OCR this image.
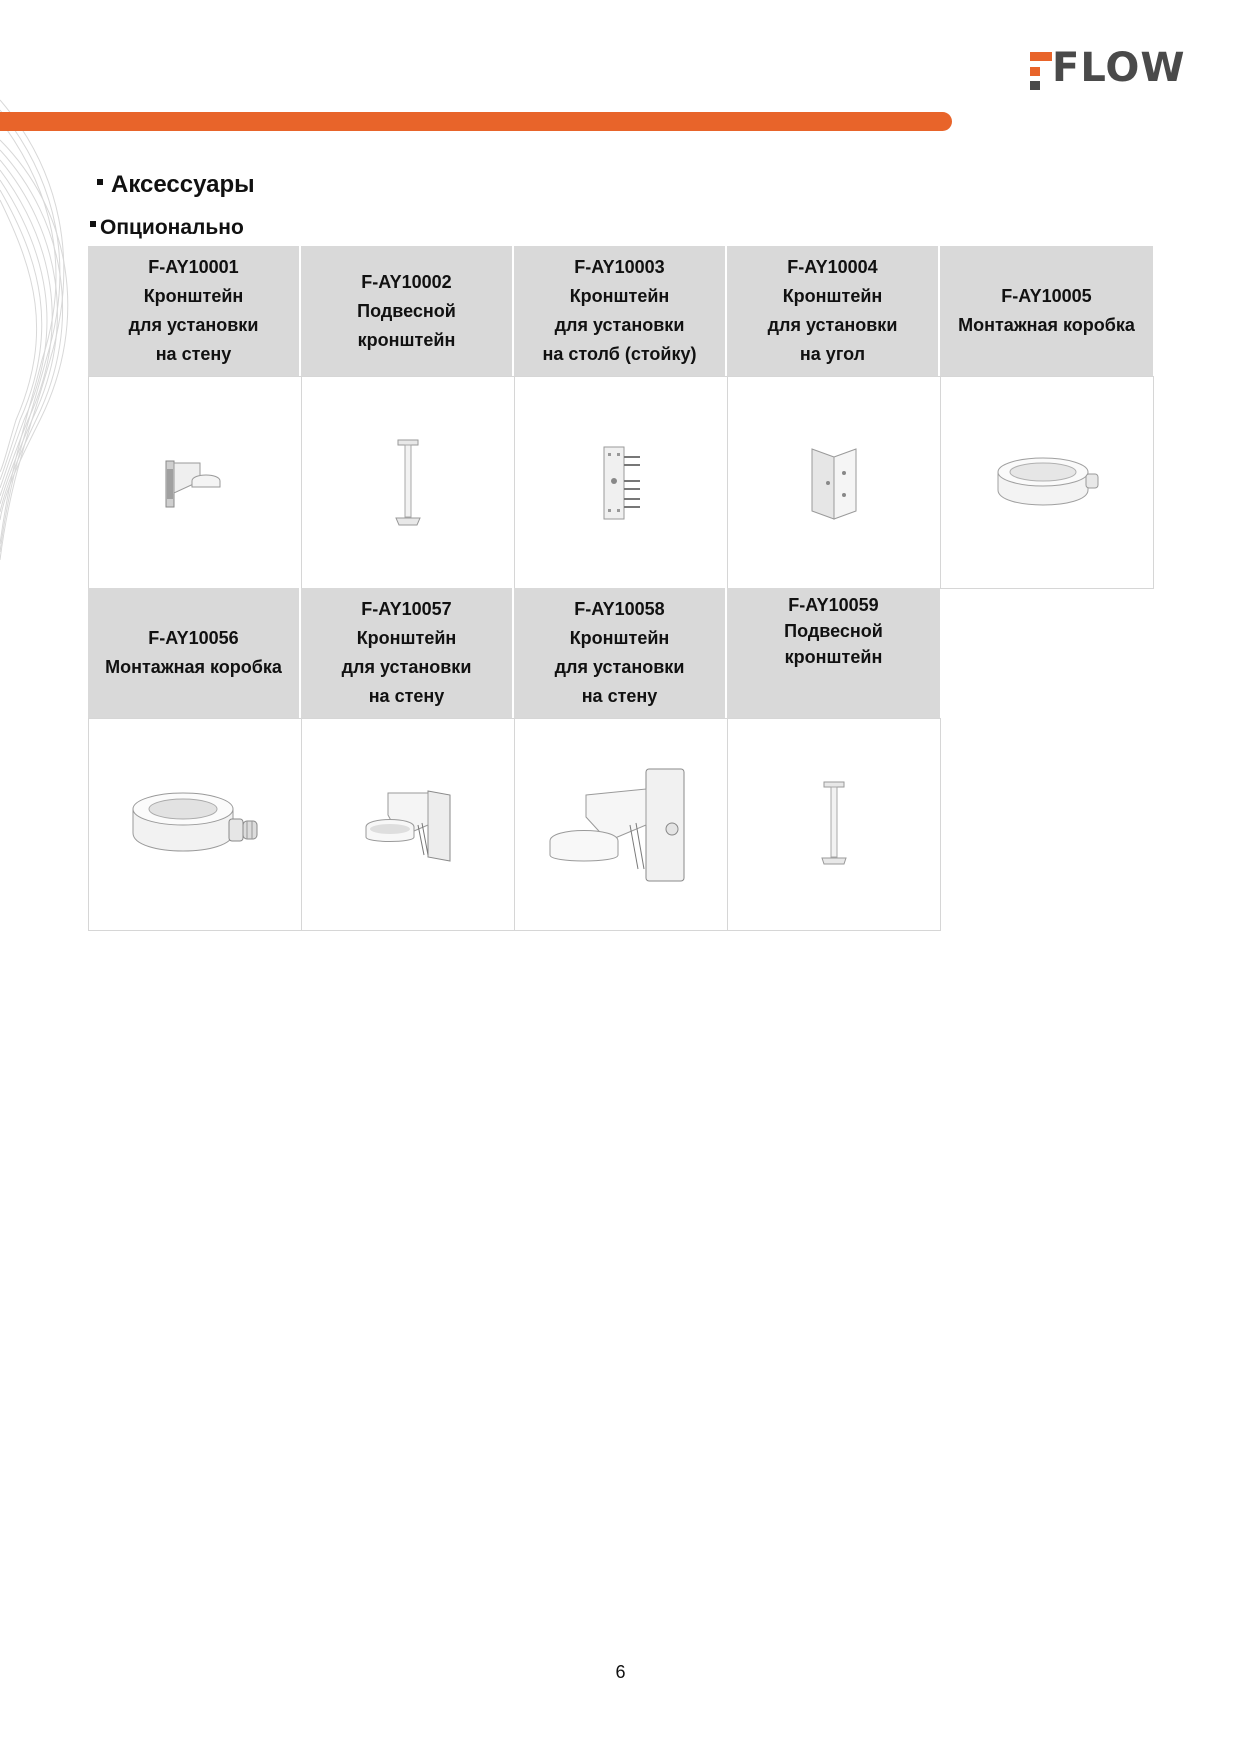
FLOW
Аксессуары
Опционально
F-AY10001
Кронштейн
для установки
на стену
F-AY10002
Подвесной
кронштейн
F-AY10003
Кронштейн
для установки
на столб (стойку)
F-AY10004
Кронштейн
для установки
на угол
F-AY10005
Монтажная коробка
F-AY10056
Монтажная коробка
F-AY10057
Кронштейн
для установки
на стену
F-AY10058
Кронштейн
для установки
на стену
F-AY10059
Подвесной
кронштейн
6
